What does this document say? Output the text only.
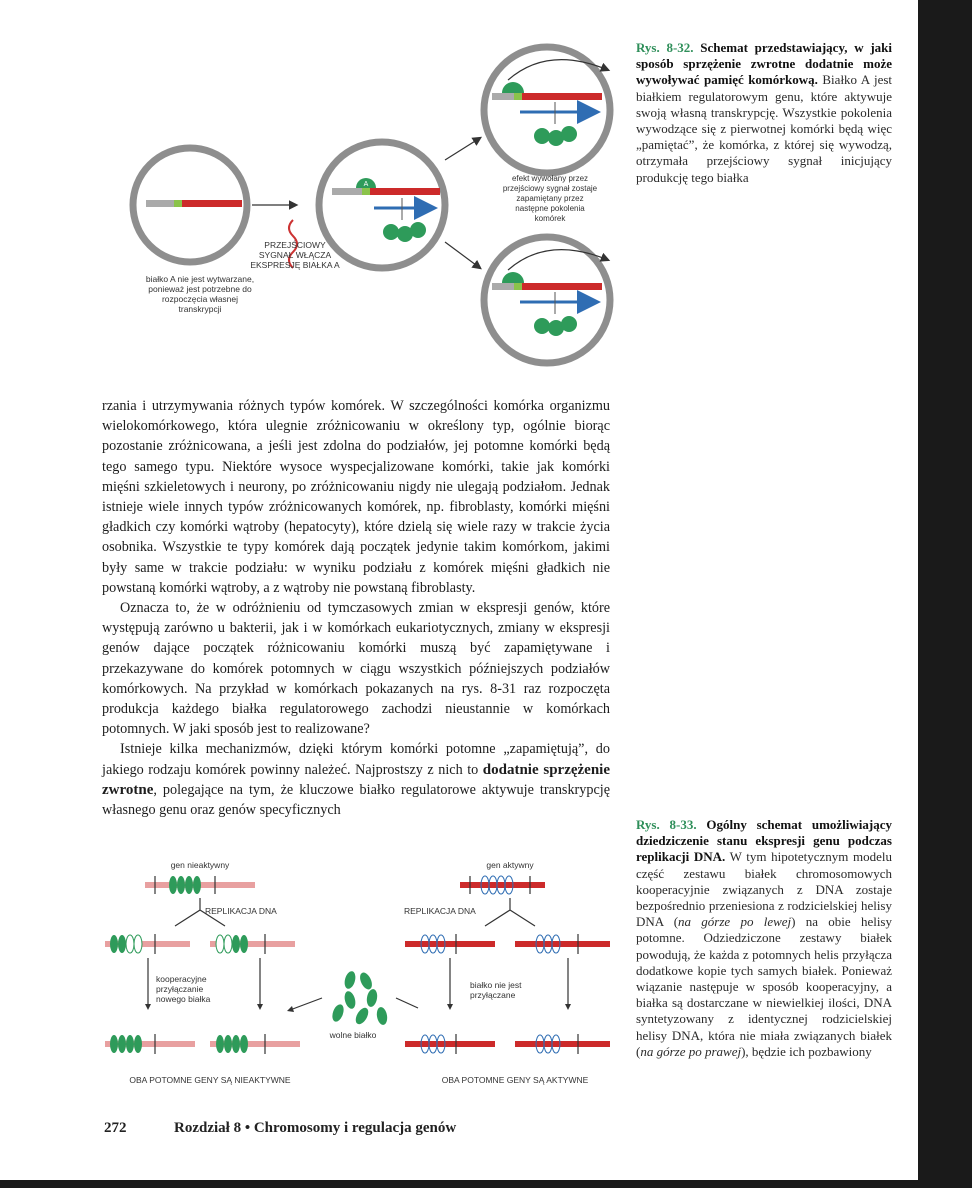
A
białko A nie jest wytwarzane, ponieważ jest potrzebne do rozpoczęcia własnej transkrypcji
PRZEJŚCIOWY SYGNAŁ WŁĄCZA EKSPRESJĘ BIAŁKA A
efekt wywołany przez przejściowy sygnał zostaje zapamiętany przez następne pokolenia komórek
Rys. 8-32. Schemat przedstawiający, w jaki sposób sprzężenie zwrotne dodatnie może wywoływać pamięć komórkową. Białko A jest białkiem regulatorowym genu, które aktywuje swoją własną transkrypcję. Wszystkie pokolenia wywodzące się z pierwotnej komórki będą więc „pamiętać”, że komórka, z której się wywodzą, otrzymała przejściowy sygnał inicjujący produkcję tego białka

rzania i utrzymywania różnych typów komórek. W szczególności komórka organizmu wielokomórkowego, która ulegnie zróżnicowaniu w określony typ, ogólnie biorąc pozostanie zróżnicowana, a jeśli jest zdolna do podziałów, jej potomne komórki będą tego samego typu. Niektóre wysoce wyspecjalizowane komórki, takie jak komórki mięśni szkieletowych i neurony, po zróżnicowaniu nigdy nie ulegają podziałom. Jednak istnieje wiele innych typów zróżnicowanych komórek, np. fibroblasty, komórki mięśni gładkich czy komórki wątroby (hepatocyty), które dzielą się wiele razy w trakcie życia osobnika. Wszystkie te typy komórek dają początek jedynie takim komórkom, jakimi były same w trakcie podziału: w wyniku podziału z komórek mięśni gładkich nie powstaną komórki wątroby, a z wątroby nie powstaną fibroblasty.

Oznacza to, że w odróżnieniu od tymczasowych zmian w ekspresji genów, które występują zarówno u bakterii, jak i w komórkach eukariotycznych, zmiany w ekspresji genów dające początek różnicowaniu komórki muszą być zapamiętywane i przekazywane do komórek potomnych w ciągu wszystkich późniejszych podziałów komórkowych. Na przykład w komórkach pokazanych na rys. 8-31 raz rozpoczęta produkcja każdego białka regulatorowego zachodzi nieustannie w komórkach potomnych. W jaki sposób jest to realizowane?

Istnieje kilka mechanizmów, dzięki którym komórki potomne „zapamiętują”, do jakiego rodzaju komórek powinny należeć. Najprostszy z nich to dodatnie sprzężenie zwrotne, polegające na tym, że kluczowe białko regulatorowe aktywuje transkrypcję własnego genu oraz genów specyficznych

gen nieaktywny	gen aktywny
REPLIKACJA DNA	REPLIKACJA DNA
kooperacyjne przyłączanie nowego białka
wolne białko
białko nie jest przyłączane
OBA POTOMNE GENY SĄ NIEAKTYWNE	OBA POTOMNE GENY SĄ AKTYWNE
Rys. 8-33. Ogólny schemat umożliwiający dziedziczenie stanu ekspresji genu podczas replikacji DNA. W tym hipotetycznym modelu część zestawu białek chromosomowych kooperacyjnie związanych z DNA zostaje bezpośrednio przeniesiona z rodzicielskiej helisy DNA (na górze po lewej) na obie helisy potomne. Odziedziczone zestawy białek powodują, że każda z potomnych helis przyłącza dodatkowe kopie tych samych białek. Ponieważ wiązanie następuje w sposób kooperacyjny, a białka są dostarczane w niewielkiej ilości, DNA syntetyzowany z identycznej rodzicielskiej helisy DNA, która nie miała związanych białek (na górze po prawej), będzie ich pozbawiony
272	Rozdział 8 • Chromosomy i regulacja genów
